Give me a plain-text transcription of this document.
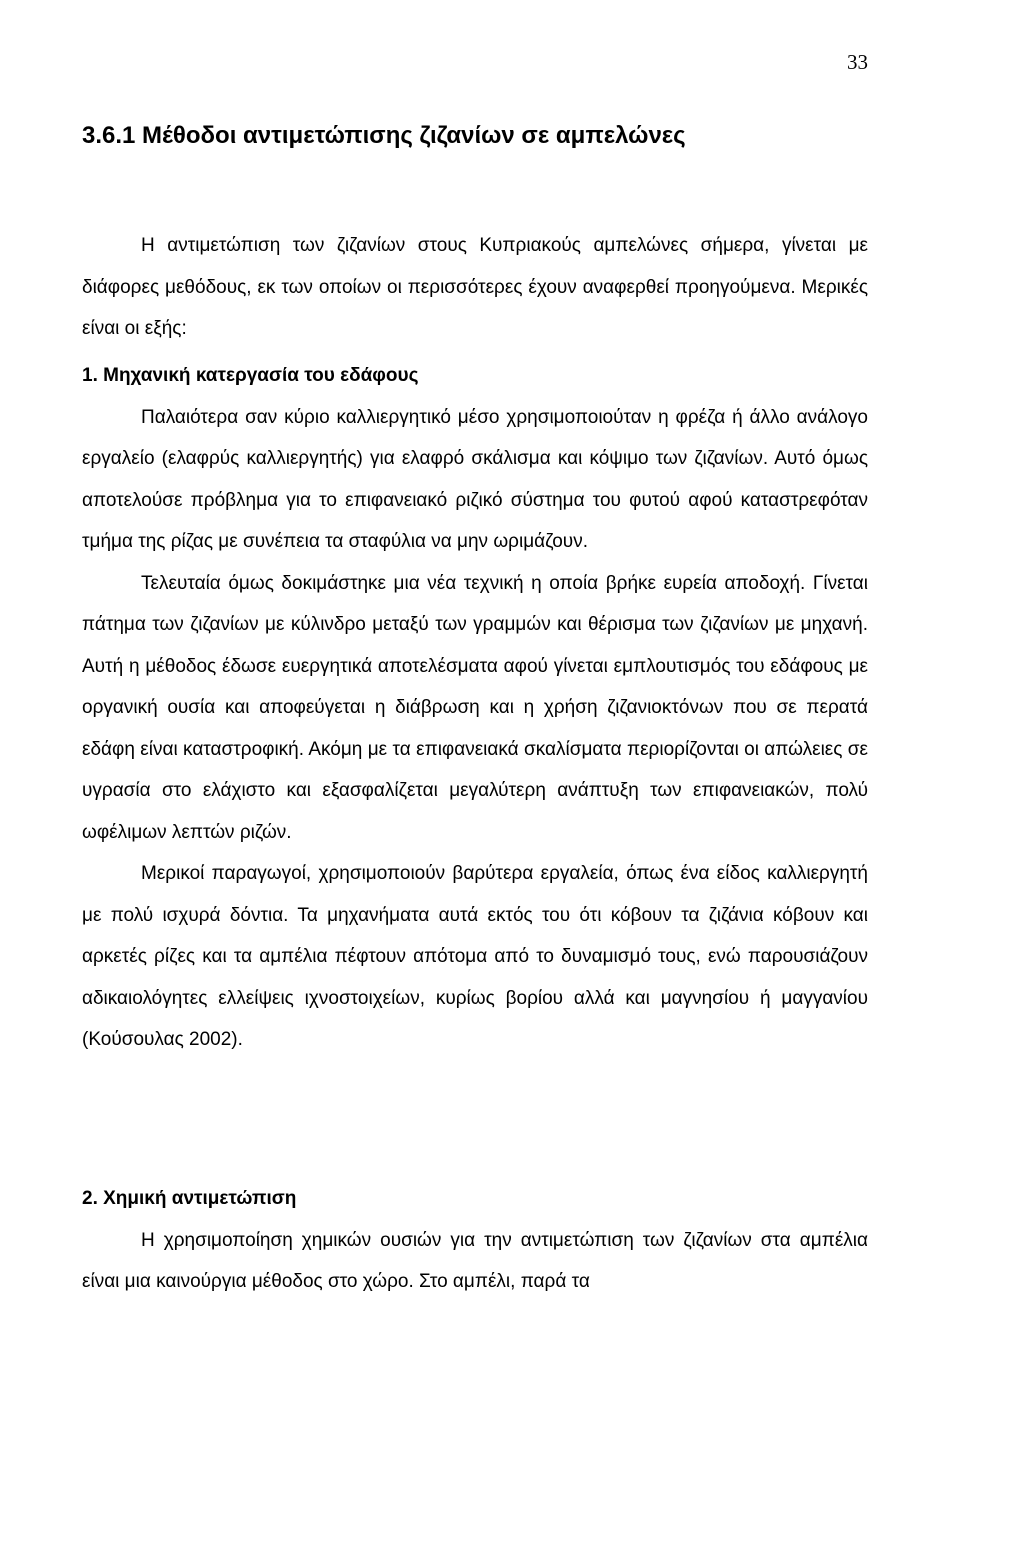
33
3.6.1 Μέθοδοι αντιμετώπισης ζιζανίων σε αμπελώνες

Η αντιμετώπιση των ζιζανίων στους Κυπριακούς αμπελώνες σήμερα, γίνεται με διάφορες μεθόδους, εκ των οποίων οι περισσότερες έχουν αναφερθεί προηγούμενα. Μερικές είναι οι εξής:

1. Μηχανική κατεργασία του εδάφους

Παλαιότερα σαν κύριο καλλιεργητικό μέσο χρησιμοποιούταν η φρέζα ή άλλο ανάλογο εργαλείο (ελαφρύς καλλιεργητής) για ελαφρό σκάλισμα και κόψιμο των ζιζανίων. Αυτό όμως αποτελούσε πρόβλημα για το επιφανειακό ριζικό σύστημα του φυτού αφού καταστρεφόταν τμήμα της ρίζας με συνέπεια τα σταφύλια να μην ωριμάζουν.

Τελευταία όμως δοκιμάστηκε μια νέα τεχνική η οποία βρήκε ευρεία αποδοχή. Γίνεται πάτημα των ζιζανίων με κύλινδρο μεταξύ των γραμμών και θέρισμα των ζιζανίων με μηχανή. Αυτή η μέθοδος έδωσε ευεργητικά αποτελέσματα αφού γίνεται εμπλουτισμός του εδάφους με οργανική ουσία και αποφεύγεται η διάβρωση και η χρήση ζιζανιοκτόνων που σε περατά εδάφη είναι καταστροφική. Ακόμη με τα επιφανειακά σκαλίσματα περιορίζονται οι απώλειες σε υγρασία στο ελάχιστο και εξασφαλίζεται μεγαλύτερη ανάπτυξη των επιφανειακών, πολύ ωφέλιμων λεπτών ριζών.

Μερικοί παραγωγοί, χρησιμοποιούν βαρύτερα εργαλεία, όπως ένα είδος καλλιεργητή με πολύ ισχυρά δόντια. Τα μηχανήματα αυτά εκτός του ότι κόβουν τα ζιζάνια κόβουν και αρκετές ρίζες και τα αμπέλια πέφτουν απότομα από το δυναμισμό τους, ενώ παρουσιάζουν αδικαιολόγητες ελλείψεις ιχνοστοιχείων, κυρίως βορίου αλλά και μαγνησίου ή μαγγανίου (Κούσουλας 2002).

2. Χημική αντιμετώπιση

Η χρησιμοποίηση χημικών ουσιών για την αντιμετώπιση των ζιζανίων στα αμπέλια είναι μια καινούργια μέθοδος στο χώρο. Στο αμπέλι, παρά τα
